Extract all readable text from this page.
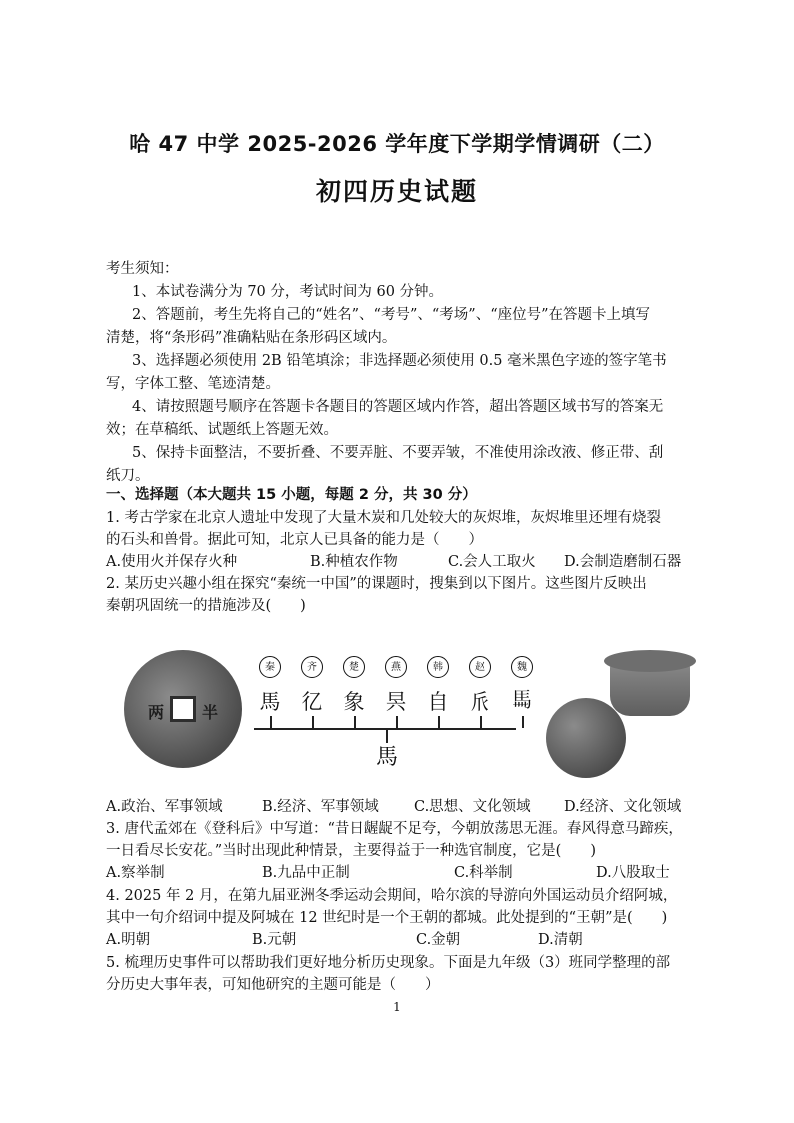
哈 47 中学 2025-2026 学年度下学期学情调研（二）
初四历史试题
考生须知：
1、本试卷满分为 70 分，考试时间为 60 分钟。
2、答题前，考生先将自己的“姓名”、“考号”、“考场”、“座位号”在答题卡上填写
清楚，将“条形码”准确粘贴在条形码区域内。
3、选择题必须使用 2B 铅笔填涂；非选择题必须使用 0.5 毫米黑色字迹的签字笔书
写，字体工整、笔迹清楚。
4、请按照题号顺序在答题卡各题目的答题区域内作答，超出答题区域书写的答案无
效；在草稿纸、试题纸上答题无效。
5、保持卡面整洁，不要折叠、不要弄脏、不要弄皱，不准使用涂改液、修正带、刮
纸刀。
一、选择题（本大题共 15 小题，每题 2 分，共 30 分）
1. 考古学家在北京人遗址中发现了大量木炭和几处较大的灰烬堆，灰烬堆里还埋有烧裂
的石头和兽骨。据此可知，北京人已具备的能力是（　　）
A.使用火并保存火种	B.种植农作物	C.会人工取火 D.会制造磨制石器
2. 某历史兴趣小组在探究“秦统一中国”的课题时，搜集到以下图片。这些图片反映出
秦朝巩固统一的措施涉及(　　)
两 半
秦	齐	楚	燕	韩	赵	魏
馬 𢒼 象 昗 自 𠂢 𩡧
馬
A.政治、军事领域	B.经济、军事领域 C.思想、文化领域 D.经济、文化领域
3. 唐代孟郊在《登科后》中写道：“昔日龌龊不足夸，今朝放荡思无涯。春风得意马蹄疾，
一日看尽长安花。”当时出现此种情景，主要得益于一种选官制度，它是(　　)
A.察举制	B.九品中正制	C.科举制	D.八股取士
4. 2025 年 2 月，在第九届亚洲冬季运动会期间，哈尔滨的导游向外国运动员介绍阿城，
其中一句介绍词中提及阿城在 12 世纪时是一个王朝的都城。此处提到的“王朝”是(　　)
A.明朝	B.元朝	C.金朝	D.清朝
5. 梳理历史事件可以帮助我们更好地分析历史现象。下面是九年级（3）班同学整理的部
分历史大事年表，可知他研究的主题可能是（　　）
1
